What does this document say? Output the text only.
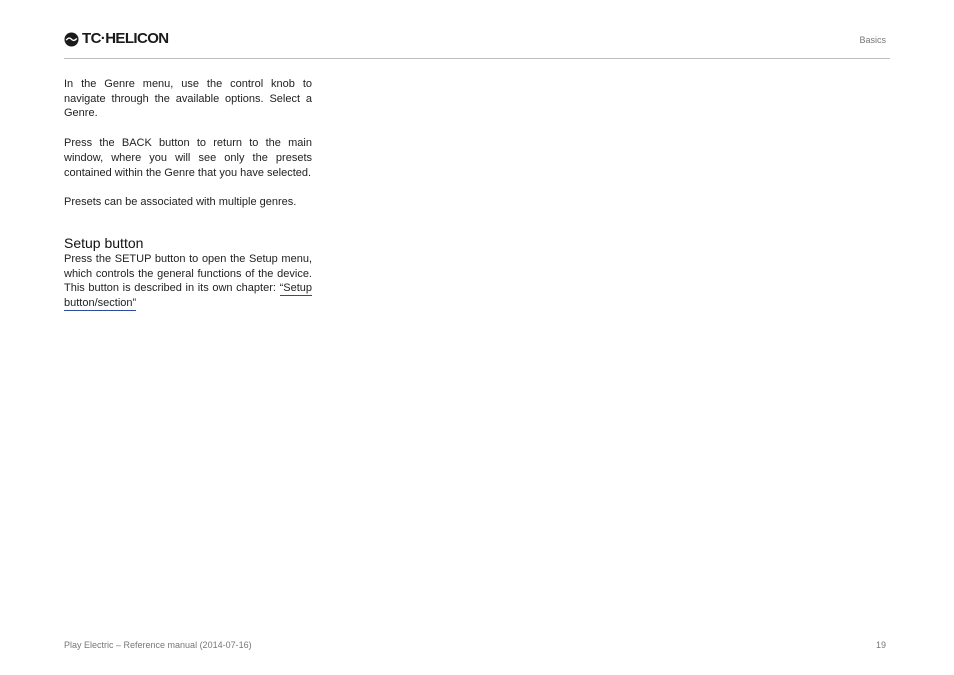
TC·HELICON	Basics

In the Genre menu, use the control knob to navigate through the available options. Select a Genre.

Press the BACK button to return to the main window, where you will see only the presets contained within the Genre that you have selected.

Presets can be associated with multiple genres.

Setup button

Press the SETUP button to open the Setup menu, which controls the general functions of the device. This button is described in its own chapter: “Setup button/section”

Play Electric – Reference manual (2014-07-16)	19
